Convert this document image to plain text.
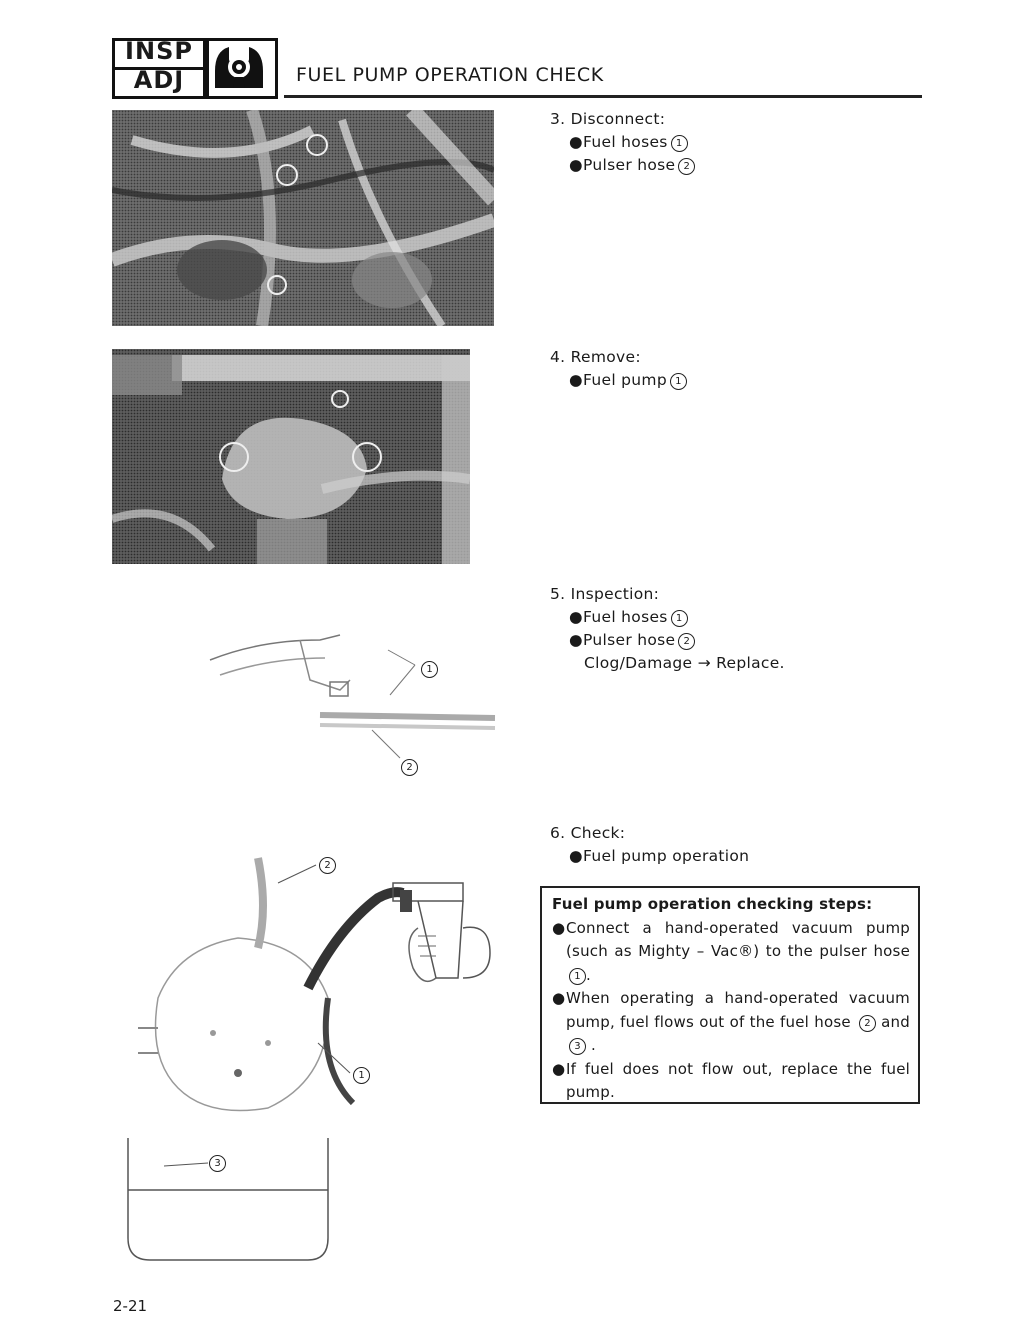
INSP
ADJ	FUEL PUMP OPERATION CHECK
1
2
2
1
3
3. Disconnect:
●Fuel hoses 1
●Pulser hose 2
4. Remove:
●Fuel pump 1
5. Inspection:
●Fuel hoses 1
●Pulser hose 2
Clog/Damage → Replace.
6. Check:
●Fuel pump operation
Fuel pump operation checking steps:
● Connect a hand-operated vacuum pump (such as Mighty – Vac®) to the pulser hose 1 .
● When operating a hand-operated vacuum pump, fuel flows out of the fuel hose 2 and 3 .
● If fuel does not flow out, replace the fuel pump.
2-21
